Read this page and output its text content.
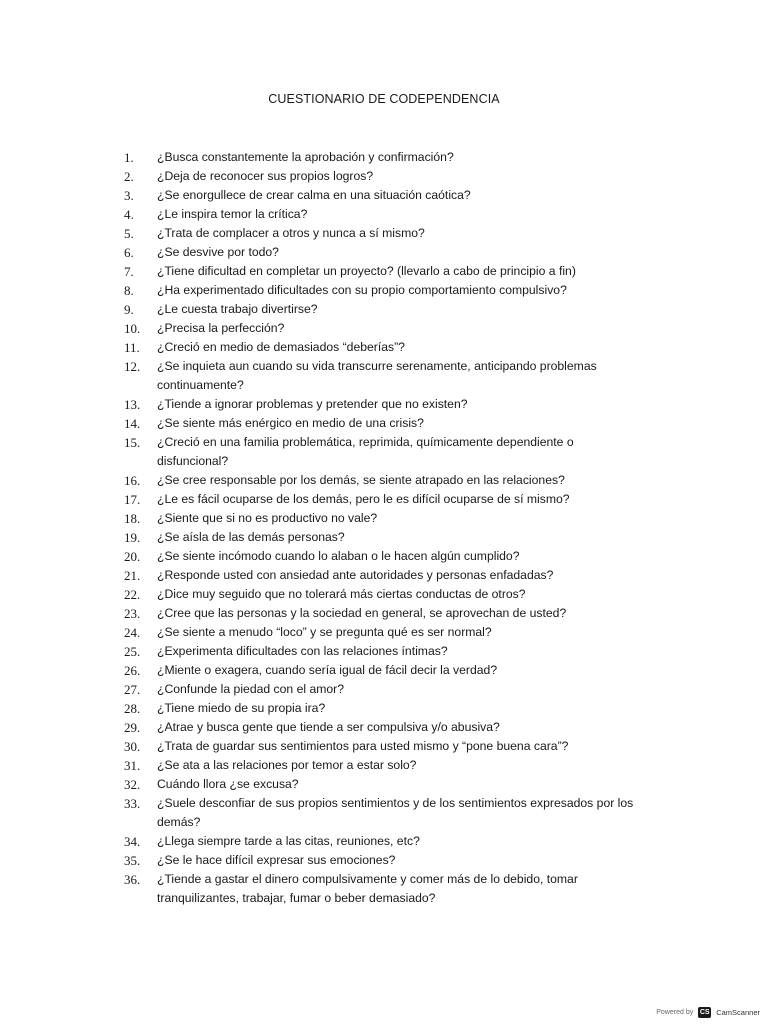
CUESTIONARIO DE CODEPENDENCIA
1.	¿Busca constantemente la aprobación y confirmación?
2.	¿Deja de reconocer sus propios logros?
3.	¿Se enorgullece de crear calma en una situación caótica?
4.	¿Le inspira temor la crítica?
5.	¿Trata de complacer a otros y nunca a sí mismo?
6.	¿Se desvive por todo?
7.	¿Tiene dificultad en completar un proyecto? (llevarlo a cabo de principio a fin)
8.	¿Ha experimentado dificultades con su propio comportamiento compulsivo?
9.	¿Le cuesta trabajo divertirse?
10.	¿Precisa la perfección?
11.	¿Creció en medio de demasiados “deberías”?
12.	¿Se inquieta aun cuando su vida transcurre serenamente, anticipando problemas continuamente?
13.	¿Tiende a ignorar problemas y pretender que no existen?
14.	¿Se siente más enérgico en medio de una crisis?
15.	¿Creció en una familia problemática, reprimida, químicamente dependiente o disfuncional?
16.	¿Se cree responsable por los demás, se siente atrapado en las relaciones?
17.	¿Le es fácil ocuparse de los demás, pero le es difícil ocuparse de sí mismo?
18.	¿Siente que si no es productivo no vale?
19.	¿Se aísla de las demás personas?
20.	¿Se siente incómodo cuando lo alaban o le hacen algún cumplido?
21.	¿Responde usted con ansiedad ante autoridades y personas enfadadas?
22.	¿Dice muy seguido que no tolerará más ciertas conductas de otros?
23.	¿Cree que las personas y la sociedad en general, se aprovechan de usted?
24.	¿Se siente a menudo “loco” y se pregunta qué es ser normal?
25.	¿Experimenta dificultades con las relaciones íntimas?
26.	¿Miente o exagera, cuando sería igual de fácil decir la verdad?
27.	¿Confunde la piedad con el amor?
28.	¿Tiene miedo de su propia ira?
29.	¿Atrae y busca gente que tiende a ser compulsiva y/o abusiva?
30.	¿Trata de guardar sus sentimientos para usted mismo y “pone buena cara”?
31.	¿Se ata a las relaciones por temor a estar solo?
32.	Cuándo llora ¿se excusa?
33.	¿Suele desconfiar de sus propios sentimientos y de los sentimientos expresados por los demás?
34.	¿Llega siempre tarde a las citas, reuniones, etc?
35.	¿Se le hace difícil expresar sus emociones?
36.	¿Tiende a gastar el dinero compulsivamente y comer más de lo debido, tomar tranquilizantes, trabajar, fumar o beber demasiado?
Powered by CS CamScanner
